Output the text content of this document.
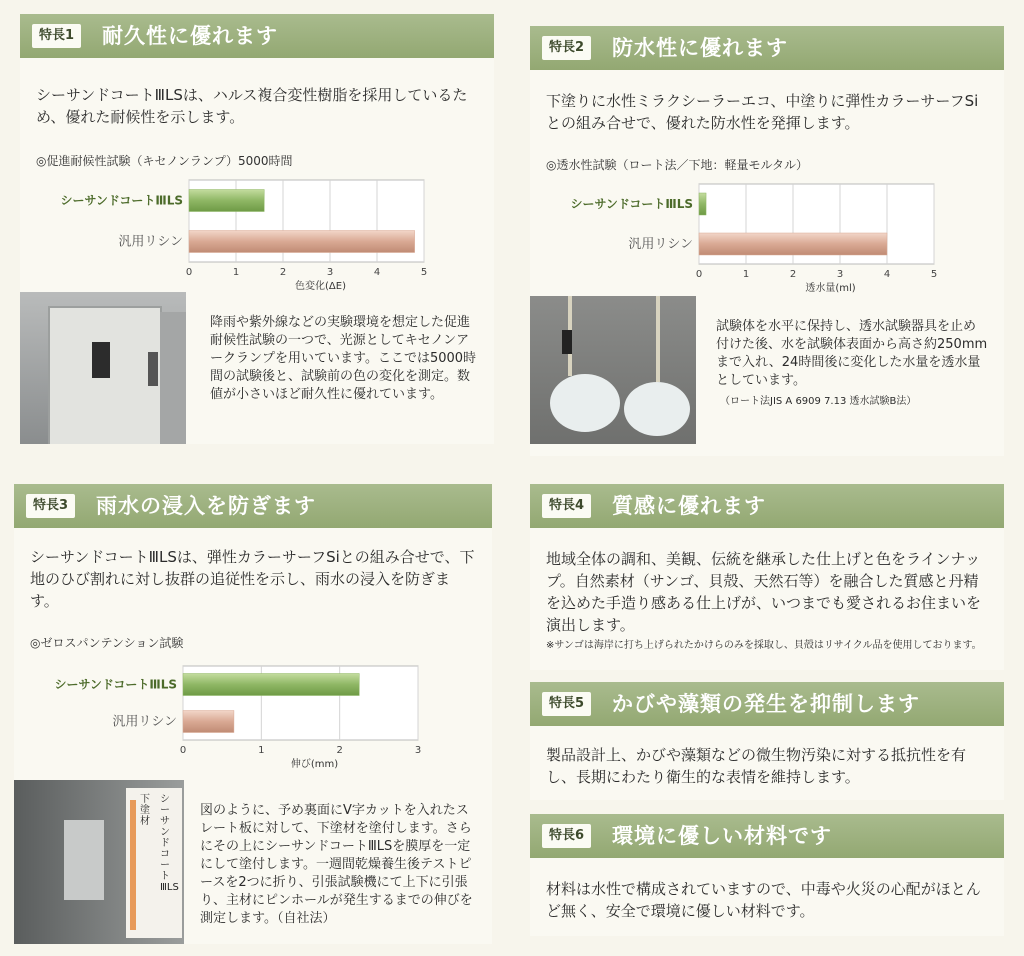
特長1	耐久性に優れます
シーサンドコートⅢLSは、ハルス複合変性樹脂を採用しているため、優れた耐候性を示します。
◎促進耐候性試験（キセノンランプ）5000時間
0	1	2	3	4	5
色変化(ΔE)
シーサンドコートⅢLS
汎用リシン
降雨や紫外線などの実験環境を想定した促進耐候性試験の一つで、光源としてキセノンアークランプを用いています。ここでは5000時間の試験後と、試験前の色の変化を測定。数値が小さいほど耐久性に優れています。
特長2	防水性に優れます
下塗りに水性ミラクシーラーエコ、中塗りに弾性カラーサーフSiとの組み合せで、優れた防水性を発揮します。
◎透水性試験（ロート法／下地：軽量モルタル）
0	1	2	3	4	5
透水量(ml)
シーサンドコートⅢLS
汎用リシン
試験体を水平に保持し、透水試験器具を止め付けた後、水を試験体表面から高さ約250mmまで入れ、24時間後に変化した水量を透水量としています。
（ロート法JIS A 6909 7.13 透水試験B法）
特長3	雨水の浸入を防ぎます
シーサンドコートⅢLSは、弾性カラーサーフSiとの組み合せで、下地のひび割れに対し抜群の追従性を示し、雨水の浸入を防ぎます。
◎ゼロスパンテンション試験
0	1	2	3
伸び(mm)
シーサンドコートⅢLS
汎用リシン
下塗材
シーサンドコートⅢLS
図のように、予め裏面にV字カットを入れたスレート板に対して、下塗材を塗付します。さらにその上にシーサンドコートⅢLSを膜厚を一定にして塗付します。一週間乾燥養生後テストピースを2つに折り、引張試験機にて上下に引張り、主材にピンホールが発生するまでの伸びを測定します。（自社法）
特長4	質感に優れます
地域全体の調和、美観、伝統を継承した仕上げと色をラインナップ。自然素材（サンゴ、貝殻、天然石等）を融合した質感と丹精を込めた手造り感ある仕上げが、いつまでも愛されるお住まいを演出します。
※サンゴは海岸に打ち上げられたかけらのみを採取し、貝殻はリサイクル品を使用しております。
特長5	かびや藻類の発生を抑制します
製品設計上、かびや藻類などの微生物汚染に対する抵抗性を有し、長期にわたり衛生的な表情を維持します。
特長6	環境に優しい材料です
材料は水性で構成されていますので、中毒や火災の心配がほとんど無く、安全で環境に優しい材料です。
